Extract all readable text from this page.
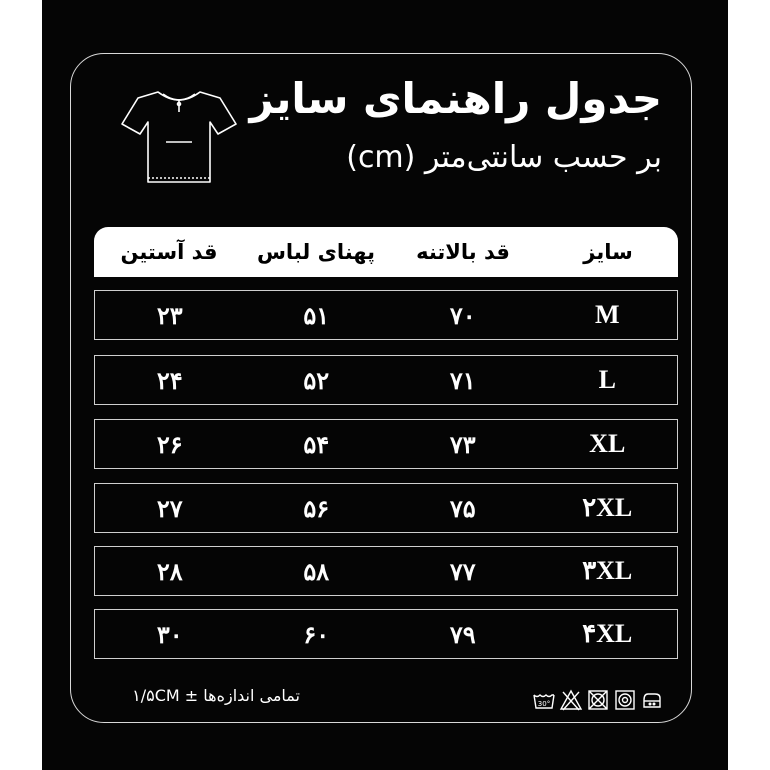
جدول راهنمای سایز
بر حسب سانتی‌متر (cm)
سایز
قد بالاتنه
پهنای لباس
قد آستین
M
۷۰
۵۱
۲۳
L
۷۱
۵۲
۲۴
XL
۷۳
۵۴
۲۶
۲XL
۷۵
۵۶
۲۷
۳XL
۷۷
۵۸
۲۸
۴XL
۷۹
۶۰
۳۰
تمامی اندازه‌ها ± ۱/۵CM	30°
